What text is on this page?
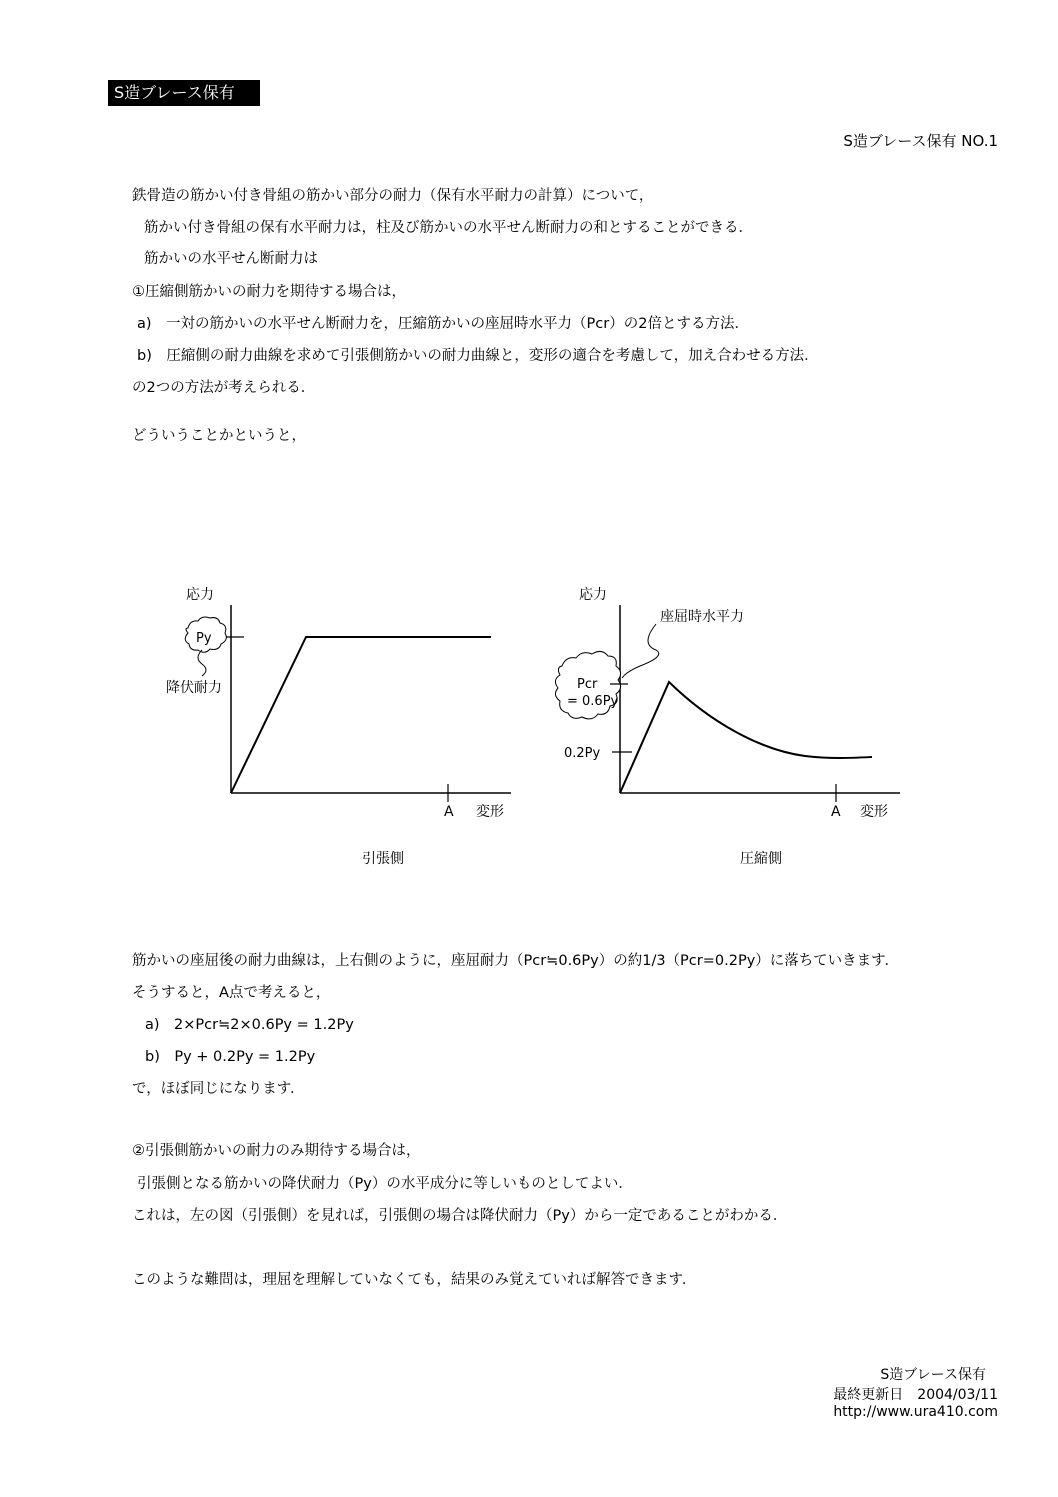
S造ブレース保有
S造ブレース保有 NO.1
鉄骨造の筋かい付き骨組の筋かい部分の耐力（保有水平耐力の計算）について，
筋かい付き骨組の保有水平耐力は，柱及び筋かいの水平せん断耐力の和とすることができる．
筋かいの水平せん断耐力は
①圧縮側筋かいの耐力を期待する場合は，
a)　一対の筋かいの水平せん断耐力を，圧縮筋かいの座屈時水平力（Pcr）の2倍とする方法．
b)　圧縮側の耐力曲線を求めて引張側筋かいの耐力曲線と，変形の適合を考慮して，加え合わせる方法．
の2つの方法が考えられる．
どういうことかというと，
応力
A 変形
Py
降伏耐力
引張側
応力
0.2Py
A 変形
座屈時水平力
Pcr
= 0.6Py
圧縮側
筋かいの座屈後の耐力曲線は，上右側のように，座屈耐力（Pcr≒0.6Py）の約1/3（Pcr=0.2Py）に落ちていきます．
そうすると，A点で考えると，
a)　2×Pcr≒2×0.6Py = 1.2Py
b)　Py + 0.2Py = 1.2Py
で，ほぼ同じになります．
②引張側筋かいの耐力のみ期待する場合は，
引張側となる筋かいの降伏耐力（Py）の水平成分に等しいものとしてよい．
これは，左の図（引張側）を見れば，引張側の場合は降伏耐力（Py）から一定であることがわかる．
このような難問は，理屈を理解していなくても，結果のみ覚えていれば解答できます．
S造ブレース保有
最終更新日　2004/03/11
http://www.ura410.com
